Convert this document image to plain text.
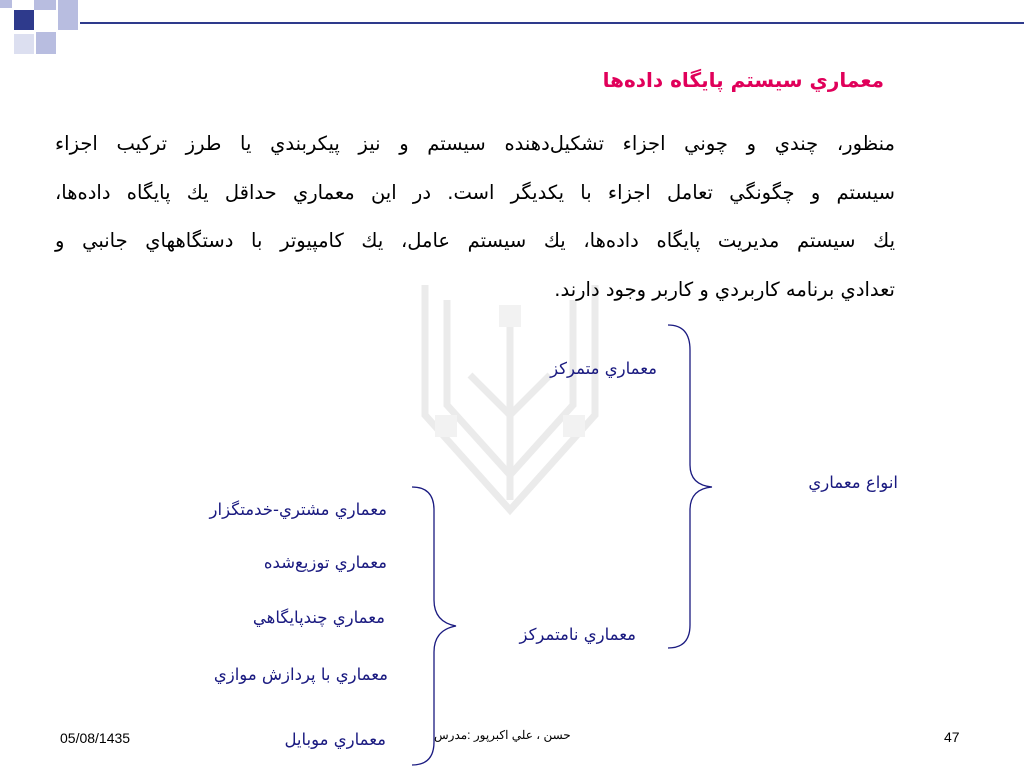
معماري سيستم پايگاه داده‌ها
منظور، چندي و چوني اجزاء تشكيل‌دهنده سيستم و نيز پيكربندي يا طرز تركيب اجزاء
سيستم و چگونگي تعامل اجزاء با يكديگر است. در اين معماري حداقل يك پايگاه داده‌ها،
يك سيستم مديريت پايگاه داده‌ها، يك سيستم عامل، يك كامپيوتر با دستگاههاي جانبي و
تعدادي برنامه كاربردي و كاربر وجود دارند.
انواع معماري
معماري متمركز
معماري نامتمركز
معماري مشتري-خدمتگزار
معماري توزيع‌شده
معماري چندپايگاهي
معماري با پردازش موازي
معماري موبايل
05/08/1435	حسن ، علي اكبرپور :مدرس	47
